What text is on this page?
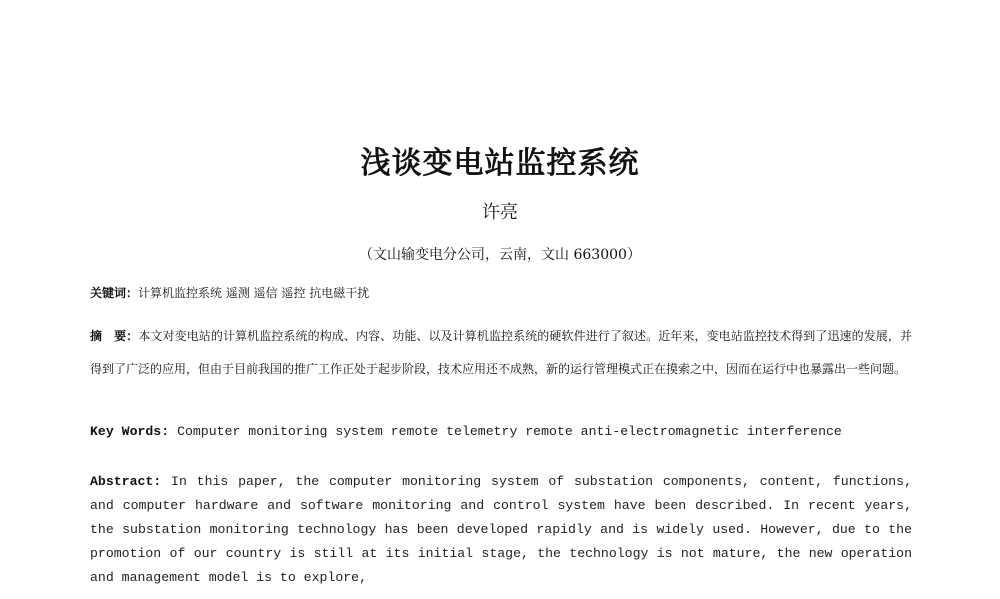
浅谈变电站监控系统
许亮
（文山输变电分公司，云南，文山 663000）
关键词：计算机监控系统 遥测 遥信 遥控 抗电磁干扰
摘　要：本文对变电站的计算机监控系统的构成、内容、功能、以及计算机监控系统的硬软件进行了叙述。近年来，变电站监控技术得到了迅速的发展，并得到了广泛的应用，但由于目前我国的推广工作正处于起步阶段，技术应用还不成熟，新的运行管理模式正在摸索之中，因而在运行中也暴露出一些问题。
Key Words: Computer monitoring system remote telemetry remote anti-electromagnetic interference
Abstract: In this paper, the computer monitoring system of substation components, content, functions, and computer hardware and software monitoring and control system have been described. In recent years, the substation monitoring technology has been developed rapidly and is widely used. However, due to the promotion of our country is still at its initial stage, the technology is not mature, the new operation and management model is to explore,
